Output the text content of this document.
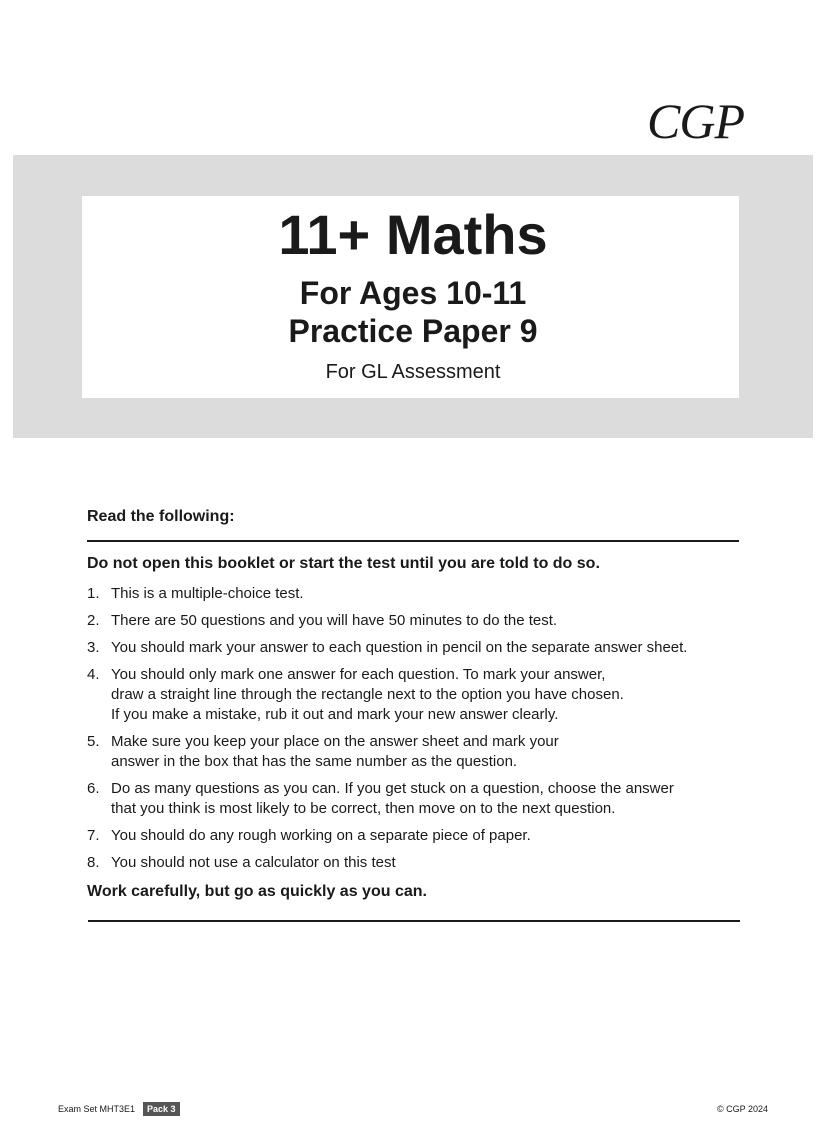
CGP
11+ Maths
For Ages 10-11
Practice Paper 9
For GL Assessment
Read the following:
Do not open this booklet or start the test until you are told to do so.
1. This is a multiple-choice test.
2. There are 50 questions and you will have 50 minutes to do the test.
3. You should mark your answer to each question in pencil on the separate answer sheet.
4. You should only mark one answer for each question. To mark your answer,
draw a straight line through the rectangle next to the option you have chosen.
If you make a mistake, rub it out and mark your new answer clearly.
5. Make sure you keep your place on the answer sheet and mark your
answer in the box that has the same number as the question.
6. Do as many questions as you can. If you get stuck on a question, choose the answer
that you think is most likely to be correct, then move on to the next question.
7. You should do any rough working on a separate piece of paper.
8. You should not use a calculator on this test
Work carefully, but go as quickly as you can.
Exam Set MHT3E1	Pack 3	© CGP 2024
